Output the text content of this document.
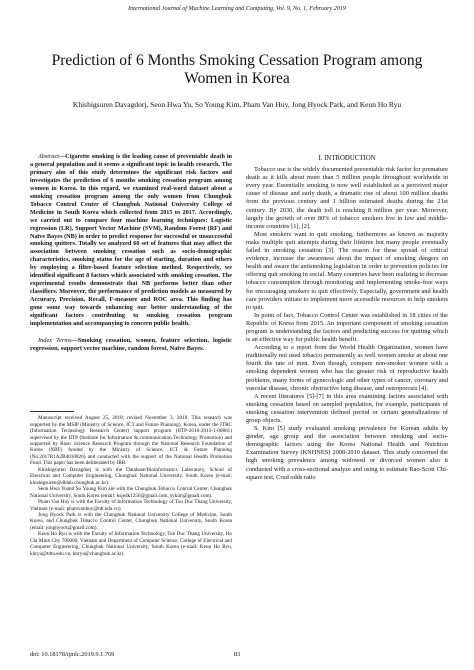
International Journal of Machine Learning and Computing, Vol. 9, No. 1, February 2019
Prediction of 6 Months Smoking Cessation Program among Women in Korea
Khishigsuren Davagdorj, Seon Hwa Yu, So Young Kim, Pham Van Huy, Jong Hyock Park, and Keun Ho Ryu

Abstract—Cigarette smoking is the leading cause of preventable death in a general population and it seems a significant topic in health research. The primary aim of this study determines the significant risk factors and investigates the prediction of 6 months smoking cessation program among women in Korea. In this regard, we examined real-word dataset about a smoking cessation program among the only women from Chungbuk Tobacco Control Center of Chungbuk National University College of Medicine in South Korea which collected from 2015 to 2017. Accordingly, we carried out to compare four machine learning techniques: Logistic regression (LR), Support Vector Machine (SVM), Random Forest (RF) and Naïve Bayes (NB) in order to predict response for successful or unsuccessful smoking quitters. Totally we analyzed 60 set of features that may affect the association between smoking cessation such as socio-demographic characteristics, smoking status for the age of starting, duration and others by employing a filter-based feature selection method. Respectively, we identified significant 8 factors which associated with smoking cessation. The experimental results demonstrate that NB performs better than other classifiers. Moreover, the performance of prediction models as measured by Accuracy, Precision, Recall, F-measure and ROC area. This finding has gone some way towards enhancing our better understanding of the significant factors contributing to smoking cessation program implementation and accompanying to concern public health.

Index Terms—Smoking cessation, women, feature selection, logistic regression, support vector machine, random forest, Naïve Bayes.

Manuscript received August 25, 2018; revised November 3, 2018. This research was supported by the MSIP (Ministry of Science, ICT and Future Planning), Korea, under the ITRC (Information Technology Research Center) support program (IITP-2018-2013-1-00881) supervised by the IITP (Institute for Information & communication Technology Promotion) and supported by Basic Science Research Program through the National Research Foundation of Korea (NRF) funded by the Ministry of Science, ICT & Future Planning (No.2017R1A2B4010826) and conducted with the support of the National Health Promotion Fund. This paper has been deliberated by IRB.

Khishigsuren Davagdorj is with the Database/Bioinformatics Laboratory, School of Electrical and Computer Engineering, Chungbuk National University, South Korea (e-mail: khishigsuren@dblab.chungbuk.ac.kr).

Seon Hwa Yuand So Young Kim are with the Chungbuk Tobacco Control Center, Chungbuk National University, South Korea (email: ksjedk1256@gmail.com, sykim@gmail.com).

Pham Van Huy is with the Faculty of Information Technology of Ton Duc Thang University, Vietnam (e-mail: phamvanhuy@tdt.edu.vn)

Jong Hyock Park is with the Chungbuk National University College of Medicine, South Korea, and Chungbuk Tobacco Control Center, Chungbuk National University, South Korea (email: jonghyock@gmail.com).

Keun Ho Ryu is with the Faculty of Information Technology, Ton Duc Thang University, Ho Chi Minh City 700000, Vietnam and Department of Computer Science, College of Electrical and Computer Engineering, Chungbuk National University, South Korea (e-mail: Keun Ho Ryu, khryu@tdtu.edu.vn, khryu@chungbuk.ac.kr).

I. INTRODUCTION

Tobacco use is the widely documented preventable risk factor for premature death as it kills about more than 5 million people throughout worldwide in every year. Essentially smoking is now well established as a perceived major cause of disease and early death, a dramatic rise of about 100 million deaths from the previous century and 1 billion estimated deaths during the 21st century. By 2030, the death toll is reaching 8 million per year. Moreover, largely the growth of over 80% of tobacco smokers live in low and middle-income countries [1], [2].

Most smokers want to quit smoking, furthermore as known as majority make multiple quit attempts during their lifetime but many people eventually failed in smoking cessation [3]. The reason for these spread of critical evidence, increase the awareness about the impact of smoking dangers on health and aware the antismoking legislation in order to prevention policies for offering quit smoking in social. Many countries have been realizing to decrease tobacco consumption through monitoring and implementing smoke-free ways for encouraging smokers to quit effectively. Especially, government and health care providers initiate to implement more accessible resources to help smokers to quit.

In point of fact, Tobacco Control Center was established in 18 cities of the Republic of Korea from 2015. An important component of smoking cessation program is understanding the factors and predicting success for quitting which is an effective way for public health benefit.

According to a report from the World Health Organization, women have traditionally not used tobacco permanently as well women smoke at about one fourth the rate of men. Even though, compare non-smoker women with a smoking dependent women who has the greater risk of reproductive health problems, many forms of gynecologic and other types of cancer, coronary and vascular disease, chronic obstructive lung disease, and osteoporosis [4].

A recent literatures [5]-[7] in this area examining factors associated with smoking cessation based on sampled population, for example, participants of smoking cessation intervention defined period or certain generalizations of group objects.

S. Kim [5] study evaluated smoking prevalence for Korean adults by gender, age group and the association between smoking and socio-demographic factors using the Korea National Health and Nutrition Examination Survey (KNHNES) 2008-2010 dataset. This study concerned the high smoking prevalence among widowed or divorced women also it conducted with a cross-sectional analyze and using to estimate Rao-Scott Chi-square test, Crud odds ratio

doi: 10.18178/ijmlc.2019.9.1.769	83
